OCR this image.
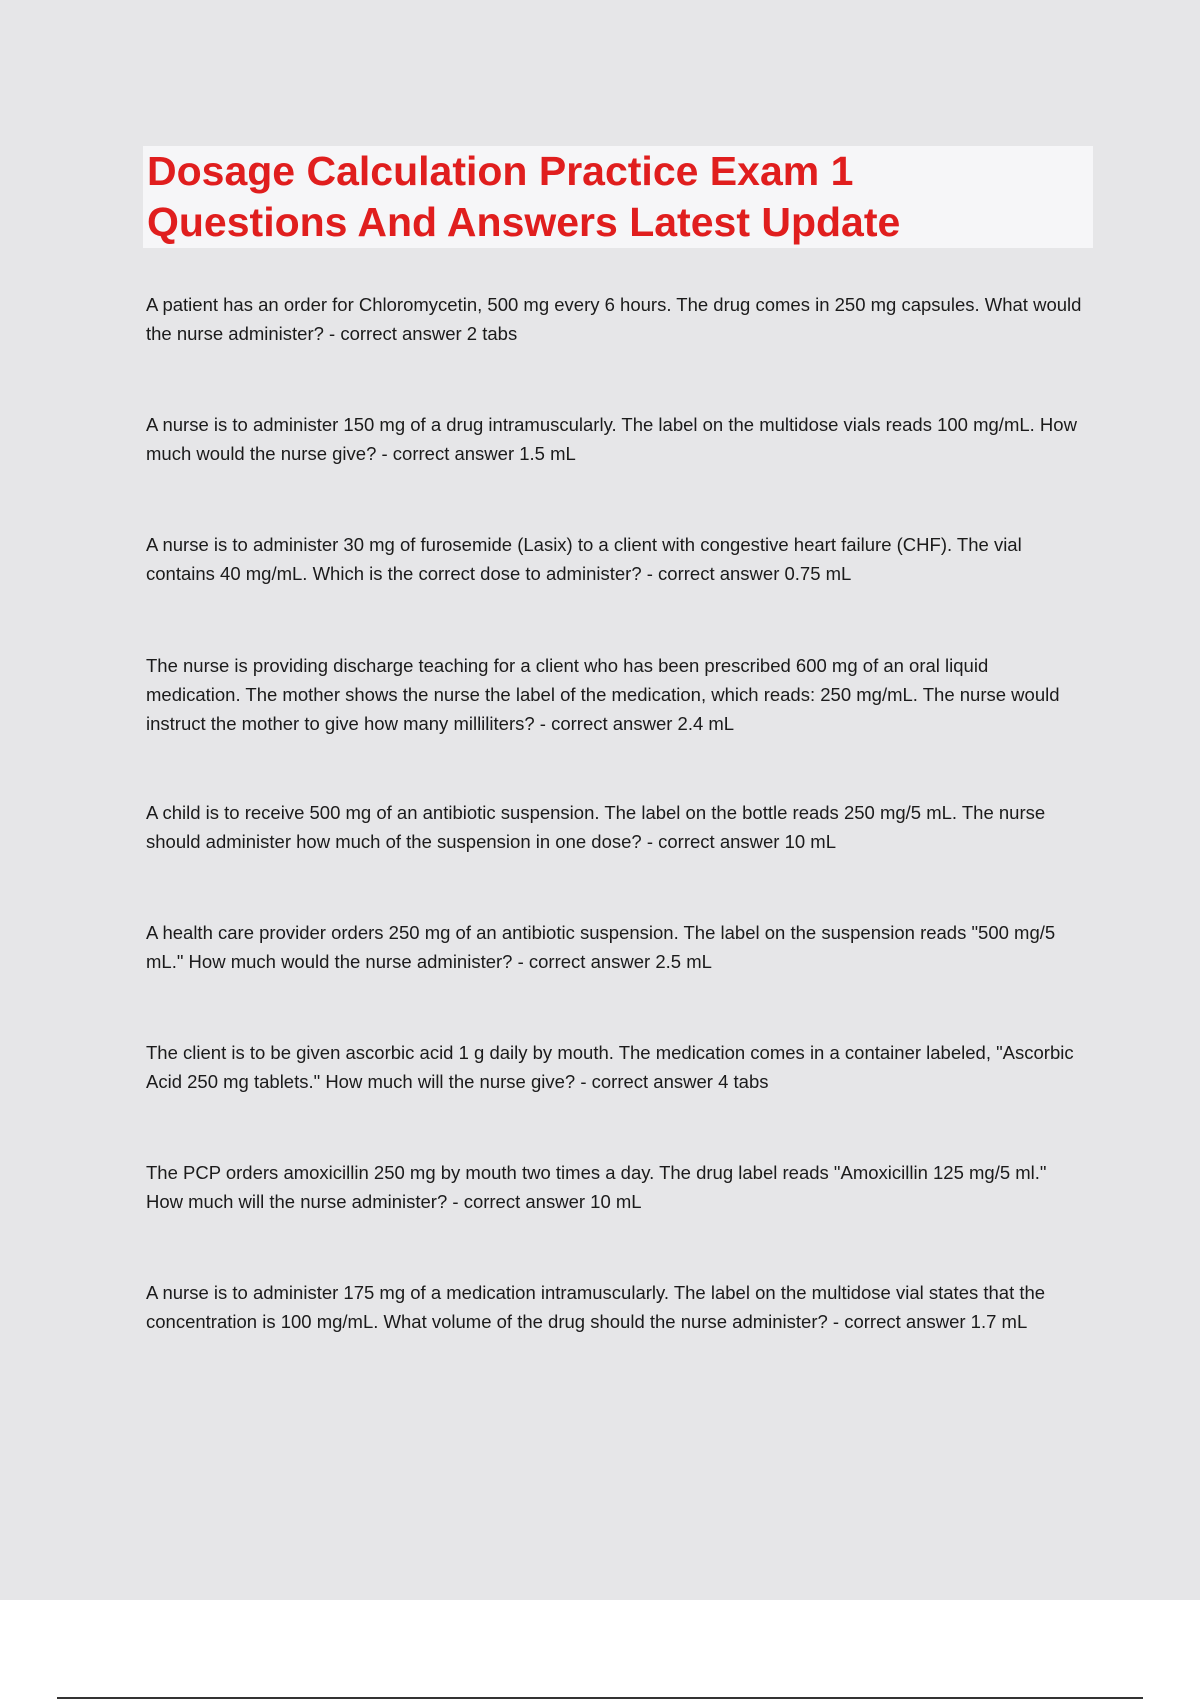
Dosage Calculation Practice Exam 1
Questions And Answers Latest Update

A patient has an order for Chloromycetin, 500 mg every 6 hours. The drug comes in 250 mg capsules. What would the nurse administer? - correct answer 2 tabs

A nurse is to administer 150 mg of a drug intramuscularly. The label on the multidose vials reads 100 mg/mL. How much would the nurse give? - correct answer 1.5 mL

A nurse is to administer 30 mg of furosemide (Lasix) to a client with congestive heart failure (CHF). The vial contains 40 mg/mL. Which is the correct dose to administer? - correct answer 0.75 mL

The nurse is providing discharge teaching for a client who has been prescribed 600 mg of an oral liquid medication. The mother shows the nurse the label of the medication, which reads: 250 mg/mL. The nurse would instruct the mother to give how many milliliters? - correct answer 2.4 mL

A child is to receive 500 mg of an antibiotic suspension. The label on the bottle reads 250 mg/5 mL. The nurse should administer how much of the suspension in one dose? - correct answer 10 mL

A health care provider orders 250 mg of an antibiotic suspension. The label on the suspension reads "500 mg/5 mL." How much would the nurse administer? - correct answer 2.5 mL

The client is to be given ascorbic acid 1 g daily by mouth. The medication comes in a container labeled, "Ascorbic Acid 250 mg tablets." How much will the nurse give? - correct answer 4 tabs

The PCP orders amoxicillin 250 mg by mouth two times a day. The drug label reads "Amoxicillin 125 mg/5 ml." How much will the nurse administer? - correct answer 10 mL

A nurse is to administer 175 mg of a medication intramuscularly. The label on the multidose vial states that the concentration is 100 mg/mL. What volume of the drug should the nurse administer? - correct answer 1.7 mL
